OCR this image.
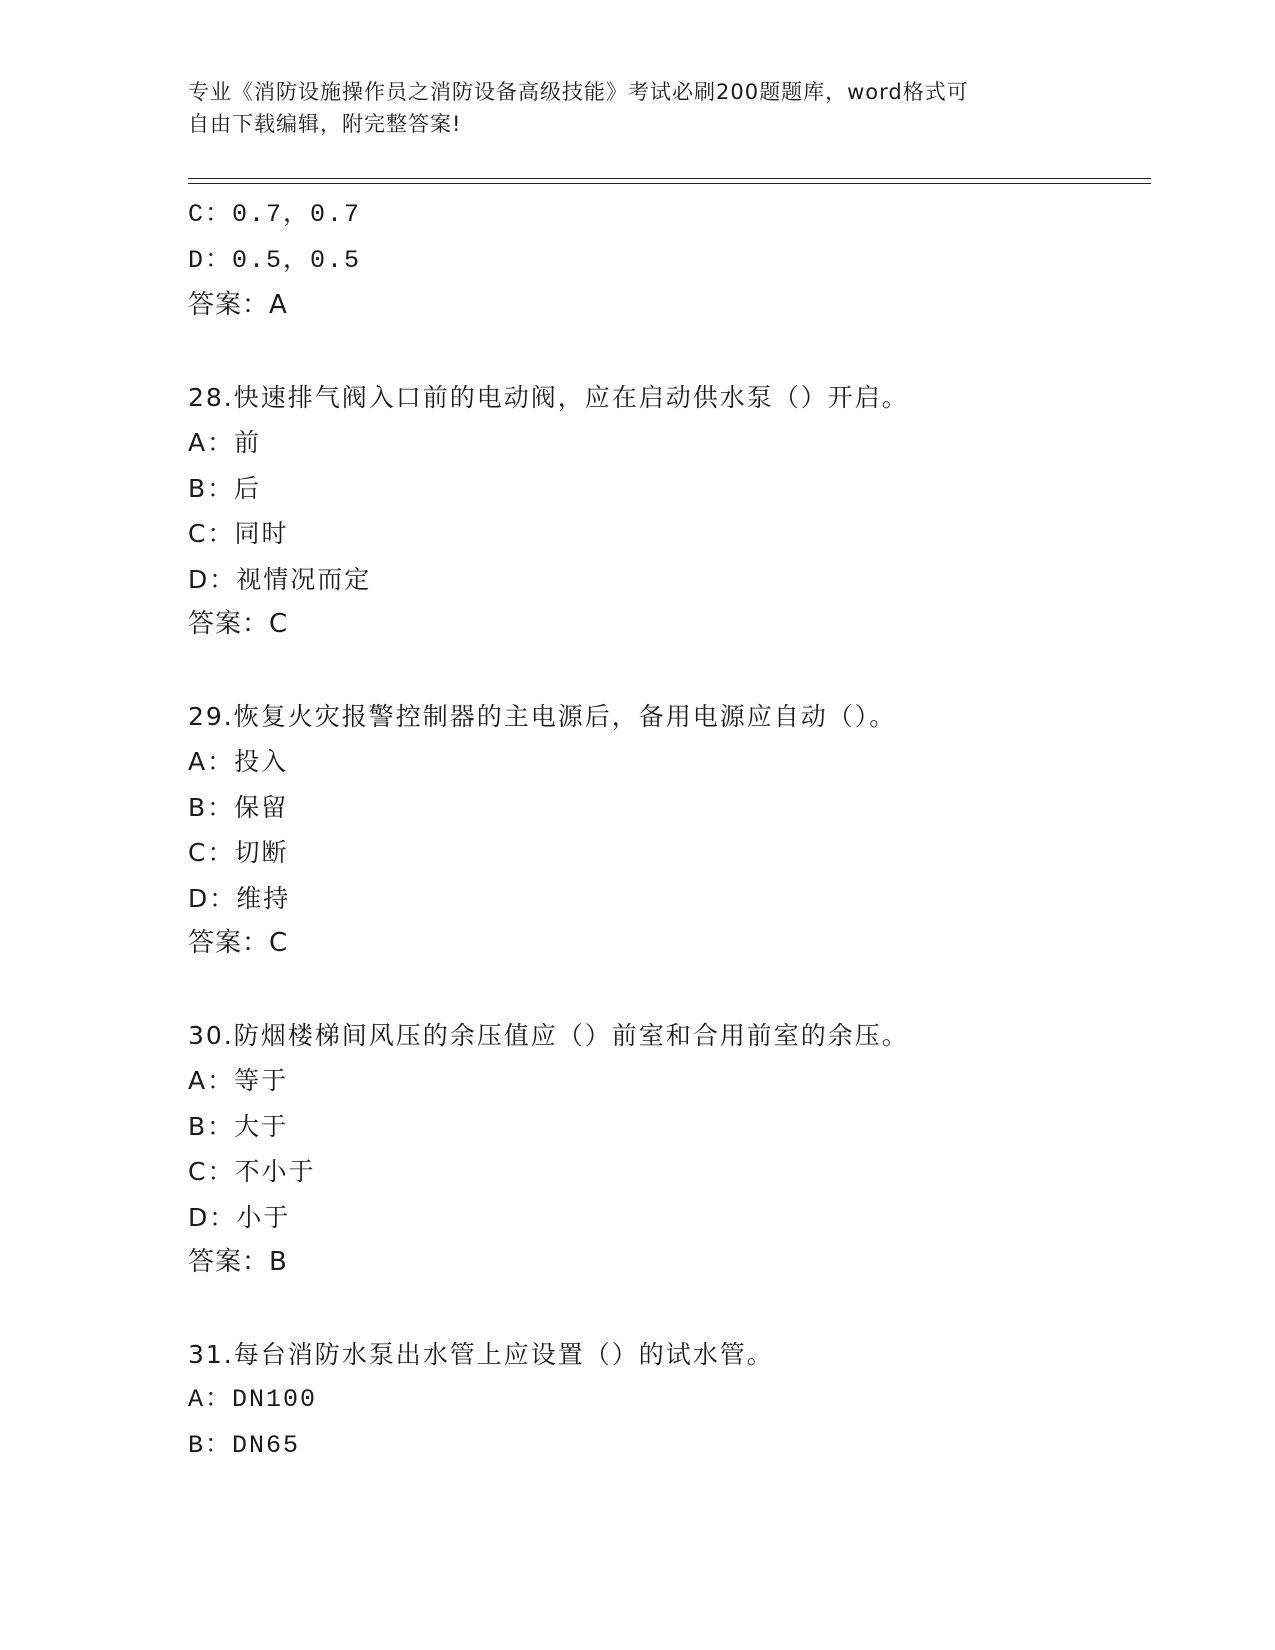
专业《消防设施操作员之消防设备高级技能》考试必刷200题题库，word格式可
自由下载编辑，附完整答案!
C：0.7，0.7
D：0.5，0.5
答案：A
28.快速排气阀入口前的电动阀，应在启动供水泵（）开启。
A：前
B：后
C：同时
D：视情况而定
答案：C
29.恢复火灾报警控制器的主电源后，备用电源应自动（）。
A：投入
B：保留
C：切断
D：维持
答案：C
30.防烟楼梯间风压的余压值应（）前室和合用前室的余压。
A：等于
B：大于
C：不小于
D：小于
答案：B
31.每台消防水泵出水管上应设置（）的试水管。
A：DN100
B：DN65
